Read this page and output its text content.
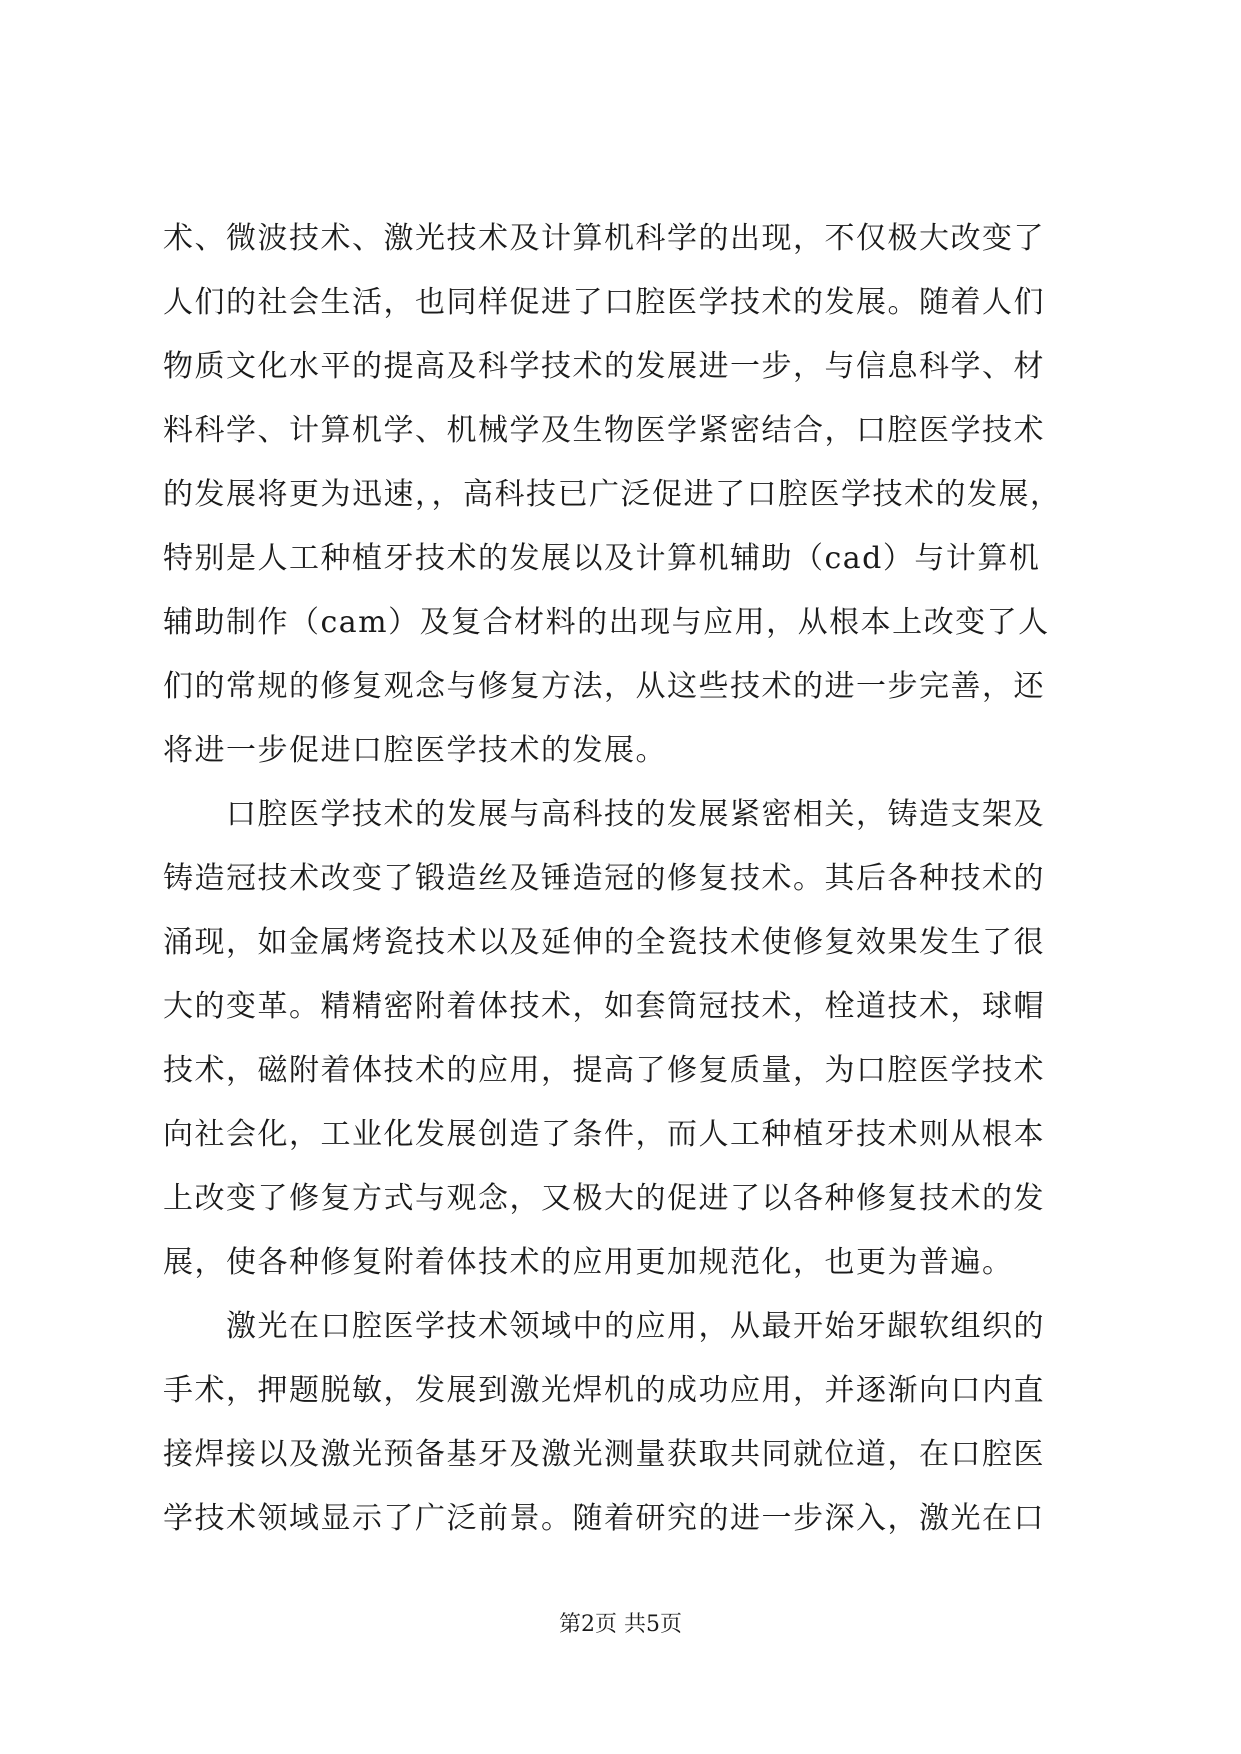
术、微波技术、激光技术及计算机科学的出现，不仅极大改变了
人们的社会生活，也同样促进了口腔医学技术的发展。随着人们
物质文化水平的提高及科学技术的发展进一步，与信息科学、材
料科学、计算机学、机械学及生物医学紧密结合，口腔医学技术
的发展将更为迅速，，高科技已广泛促进了口腔医学技术的发展，
特别是人工种植牙技术的发展以及计算机辅助（cad）与计算机
辅助制作（cam）及复合材料的出现与应用，从根本上改变了人
们的常规的修复观念与修复方法，从这些技术的进一步完善，还
将进一步促进口腔医学技术的发展。
　　口腔医学技术的发展与高科技的发展紧密相关，铸造支架及
铸造冠技术改变了锻造丝及锤造冠的修复技术。其后各种技术的
涌现，如金属烤瓷技术以及延伸的全瓷技术使修复效果发生了很
大的变革。精精密附着体技术，如套筒冠技术，栓道技术，球帽
技术，磁附着体技术的应用，提高了修复质量，为口腔医学技术
向社会化，工业化发展创造了条件，而人工种植牙技术则从根本
上改变了修复方式与观念，又极大的促进了以各种修复技术的发
展，使各种修复附着体技术的应用更加规范化，也更为普遍。
　　激光在口腔医学技术领域中的应用，从最开始牙龈软组织的
手术，押题脱敏，发展到激光焊机的成功应用，并逐渐向口内直
接焊接以及激光预备基牙及激光测量获取共同就位道，在口腔医
学技术领域显示了广泛前景。随着研究的进一步深入，激光在口
第2页 共5页
